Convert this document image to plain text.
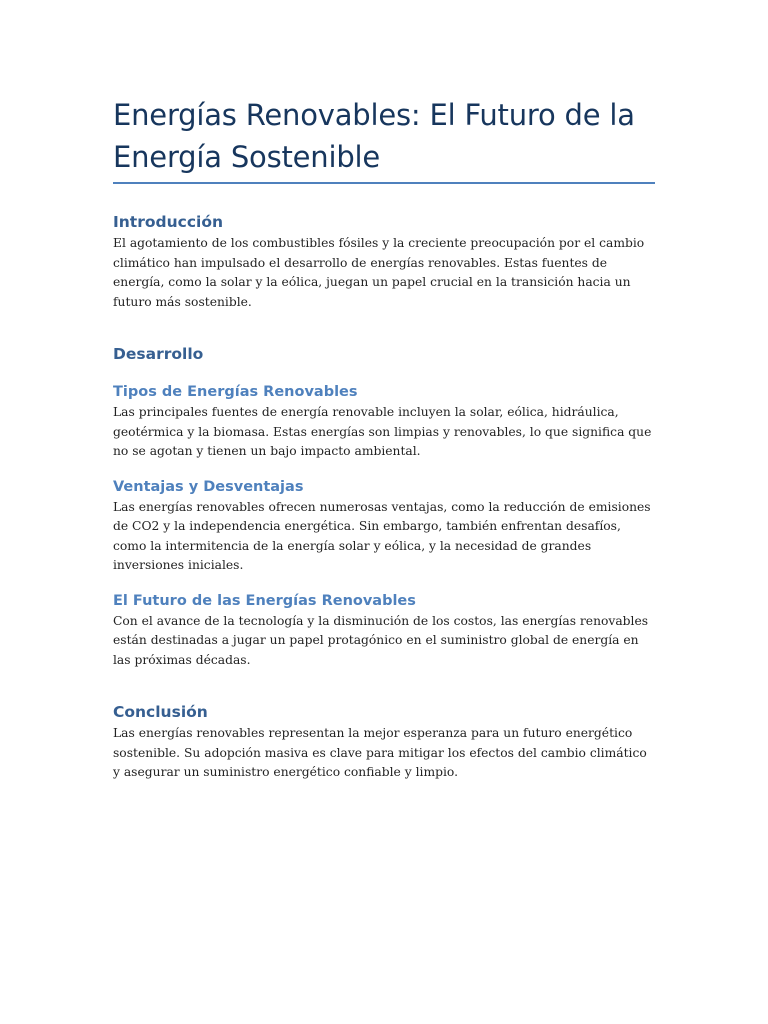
Energías Renovables: El Futuro de la Energía Sostenible
Introducción

El agotamiento de los combustibles fósiles y la creciente preocupación por el cambio climático han impulsado el desarrollo de energías renovables. Estas fuentes de energía, como la solar y la eólica, juegan un papel crucial en la transición hacia un futuro más sostenible.

Desarrollo
Tipos de Energías Renovables

Las principales fuentes de energía renovable incluyen la solar, eólica, hidráulica, geotérmica y la biomasa. Estas energías son limpias y renovables, lo que significa que no se agotan y tienen un bajo impacto ambiental.

Ventajas y Desventajas

Las energías renovables ofrecen numerosas ventajas, como la reducción de emisiones de CO2 y la independencia energética. Sin embargo, también enfrentan desafíos, como la intermitencia de la energía solar y eólica, y la necesidad de grandes inversiones iniciales.

El Futuro de las Energías Renovables

Con el avance de la tecnología y la disminución de los costos, las energías renovables están destinadas a jugar un papel protagónico en el suministro global de energía en las próximas décadas.

Conclusión

Las energías renovables representan la mejor esperanza para un futuro energético sostenible. Su adopción masiva es clave para mitigar los efectos del cambio climático y asegurar un suministro energético confiable y limpio.
